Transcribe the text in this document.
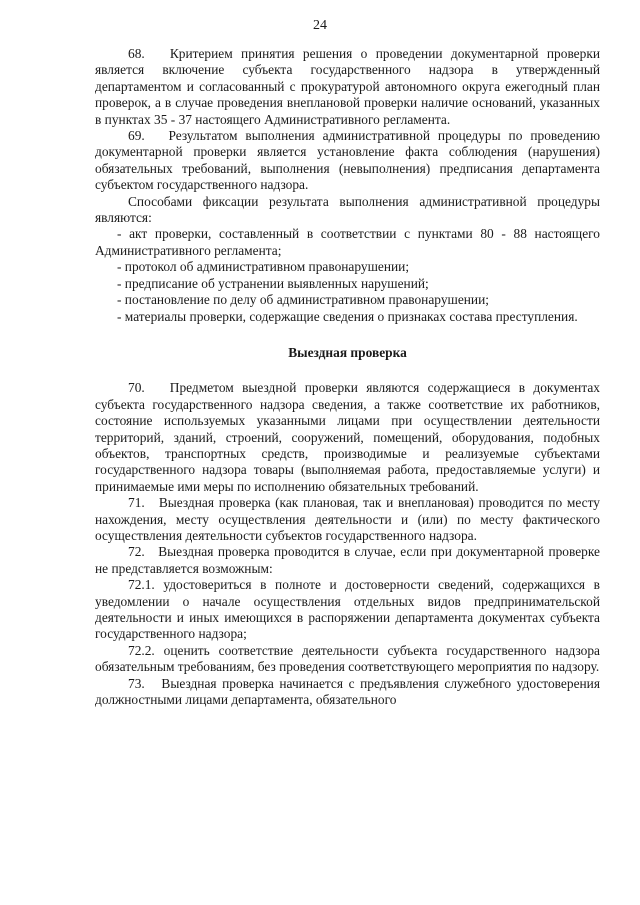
24

68.   Критерием принятия решения о проведении документарной проверки является включение субъекта государственного надзора в утвержденный департаментом и согласованный с прокуратурой автономного округа ежегодный план проверок, а в случае проведения внеплановой проверки наличие оснований, указанных в пунктах 35 - 37 настоящего Административного регламента.

69.   Результатом выполнения административной процедуры по проведению документарной проверки является установление факта соблюдения (нарушения) обязательных требований, выполнения (невыполнения) предписания департамента субъектом государственного надзора.

Способами фиксации результата выполнения административной процедуры являются:

- акт проверки, составленный в соответствии с пунктами 80 - 88 настоящего Административного регламента;

- протокол об административном правонарушении;

- предписание об устранении выявленных нарушений;

- постановление по делу об административном правонарушении;

- материалы проверки, содержащие сведения о признаках состава преступления.

Выездная проверка

70.   Предметом выездной проверки являются содержащиеся в документах субъекта государственного надзора сведения, а также соответствие их работников, состояние используемых указанными лицами при осуществлении деятельности территорий, зданий, строений, сооружений, помещений, оборудования, подобных объектов, транспортных средств, производимые и реализуемые субъектами государственного надзора товары (выполняемая работа, предоставляемые услуги) и принимаемые ими меры по исполнению обязательных требований.

71.   Выездная проверка (как плановая, так и внеплановая) проводится по месту нахождения, месту осуществления деятельности и (или) по месту фактического осуществления деятельности субъектов государственного надзора.

72.   Выездная проверка проводится в случае, если при документарной проверке не представляется возможным:

72.1. удостовериться в полноте и достоверности сведений, содержащихся в уведомлении о начале осуществления отдельных видов предпринимательской деятельности и иных имеющихся в распоряжении департамента документах субъекта государственного надзора;

72.2. оценить соответствие деятельности субъекта государственного надзора обязательным требованиям, без проведения соответствующего мероприятия по надзору.

73.   Выездная проверка начинается с предъявления служебного удостоверения должностными лицами департамента, обязательного
